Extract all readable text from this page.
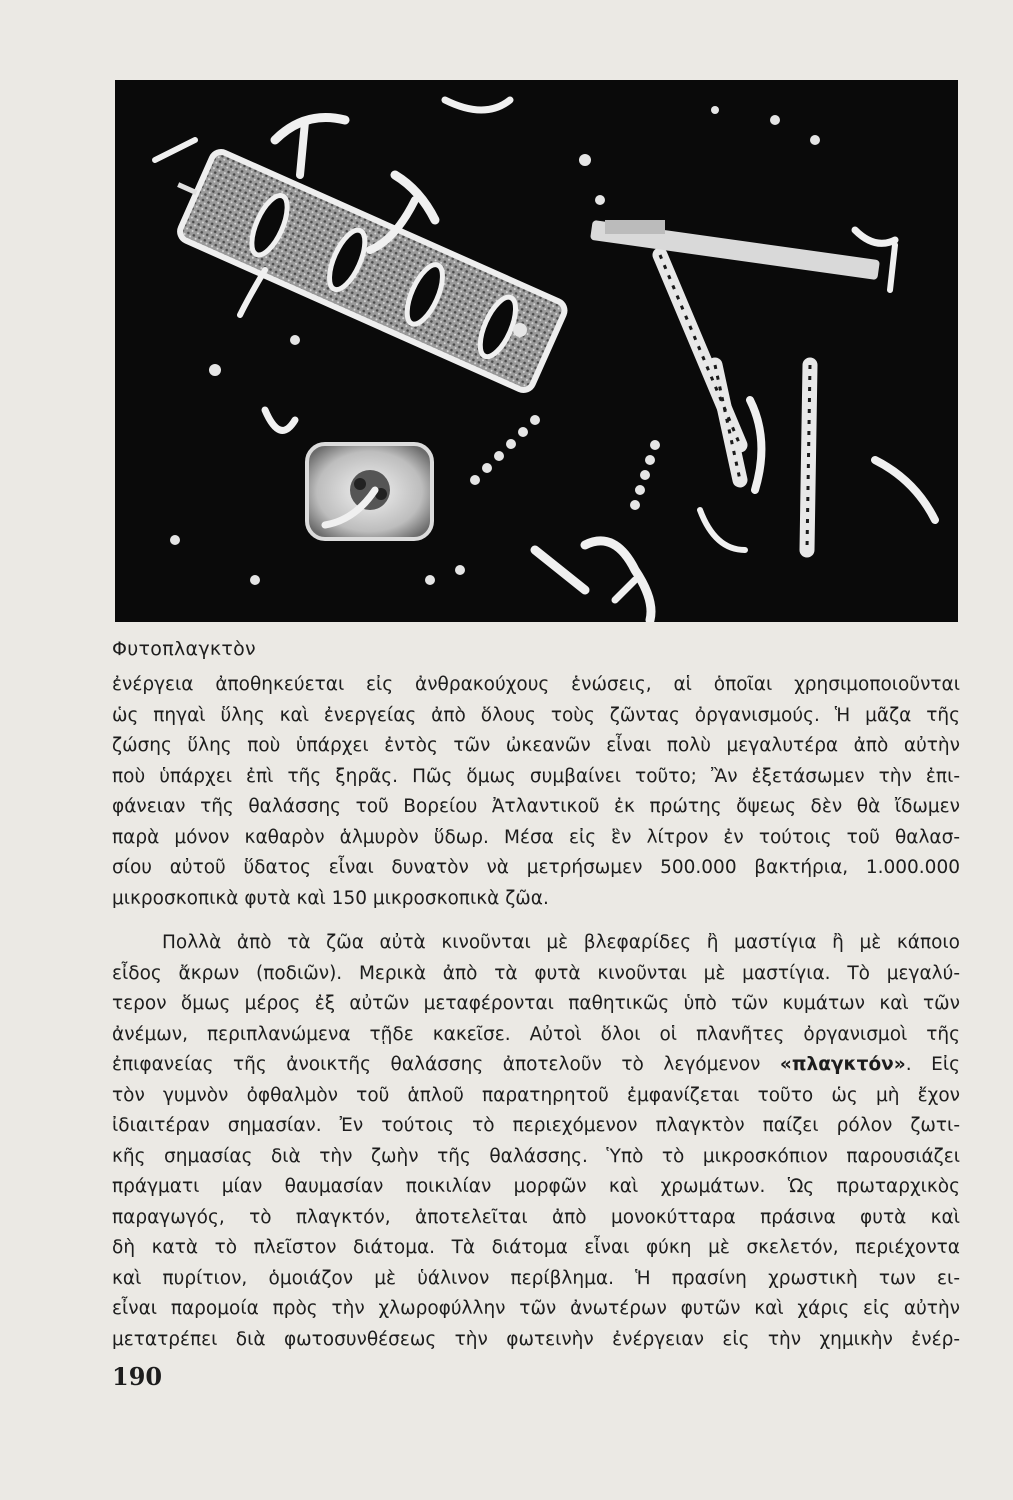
Φυτοπλαγκτὸν
ἐνέργεια ἀποθηκεύεται εἰς ἀνθρακούχους ἑνώσεις, αἱ ὁποῖαι χρησιμοποιοῦνται
ὡς πηγαὶ ὕλης καὶ ἐνεργείας ἀπὸ ὅλους τοὺς ζῶντας ὀργανισμούς. Ἡ μᾶζα τῆς
ζώσης ὕλης ποὺ ὑπάρχει ἐντὸς τῶν ὠκεανῶν εἶναι πολὺ μεγαλυτέρα ἀπὸ αὐτὴν
ποὺ ὑπάρχει ἐπὶ τῆς ξηρᾶς. Πῶς ὅμως συμβαίνει τοῦτο; Ἂν ἐξετάσωμεν τὴν ἐπι-
φάνειαν τῆς θαλάσσης τοῦ Βορείου Ἀτλαντικοῦ ἐκ πρώτης ὄψεως δὲν θὰ ἴδωμεν
παρὰ μόνον καθαρὸν ἁλμυρὸν ὕδωρ. Μέσα εἰς ἓν λίτρον ἐν τούτοις τοῦ θαλασ-
σίου αὐτοῦ ὕδατος εἶναι δυνατὸν νὰ μετρήσωμεν 500.000 βακτήρια, 1.000.000
μικροσκοπικὰ φυτὰ καὶ 150 μικροσκοπικὰ ζῶα.
Πολλὰ ἀπὸ τὰ ζῶα αὐτὰ κινοῦνται μὲ βλεφαρίδες ἢ μαστίγια ἢ μὲ κάποιο
εἶδος ἄκρων (ποδιῶν). Μερικὰ ἀπὸ τὰ φυτὰ κινοῦνται μὲ μαστίγια. Τὸ μεγαλύ-
τερον ὅμως μέρος ἐξ αὐτῶν μεταφέρονται παθητικῶς ὑπὸ τῶν κυμάτων καὶ τῶν
ἀνέμων, περιπλανώμενα τῇδε κακεῖσε. Αὐτοὶ ὅλοι οἱ πλανῆτες ὀργανισμοὶ τῆς
ἐπιφανείας τῆς ἀνοικτῆς θαλάσσης ἀποτελοῦν τὸ λεγόμενον «πλαγκτόν». Εἰς
τὸν γυμνὸν ὀφθαλμὸν τοῦ ἁπλοῦ παρατηρητοῦ ἐμφανίζεται τοῦτο ὡς μὴ ἔχον
ἰδιαιτέραν σημασίαν. Ἐν τούτοις τὸ περιεχόμενον πλαγκτὸν παίζει ρόλον ζωτι-
κῆς σημασίας διὰ τὴν ζωὴν τῆς θαλάσσης. Ὑπὸ τὸ μικροσκόπιον παρουσιάζει
πράγματι μίαν θαυμασίαν ποικιλίαν μορφῶν καὶ χρωμάτων. Ὡς πρωταρχικὸς
παραγωγός, τὸ πλαγκτόν, ἀποτελεῖται ἀπὸ μονοκύτταρα πράσινα φυτὰ καὶ
δὴ κατὰ τὸ πλεῖστον διάτομα. Τὰ διάτομα εἶναι φύκη μὲ σκελετόν, περιέχοντα
καὶ πυρίτιον, ὁμοιάζον μὲ ὑάλινον περίβλημα. Ἡ πρασίνη χρωστικὴ των ει-
εἶναι παρομοία πρὸς τὴν χλωροφύλλην τῶν ἀνωτέρων φυτῶν καὶ χάρις εἰς αὐτὴν
μετατρέπει διὰ φωτοσυνθέσεως τὴν φωτεινὴν ἐνέργειαν εἰς τὴν χημικὴν ἐνέρ-
190
